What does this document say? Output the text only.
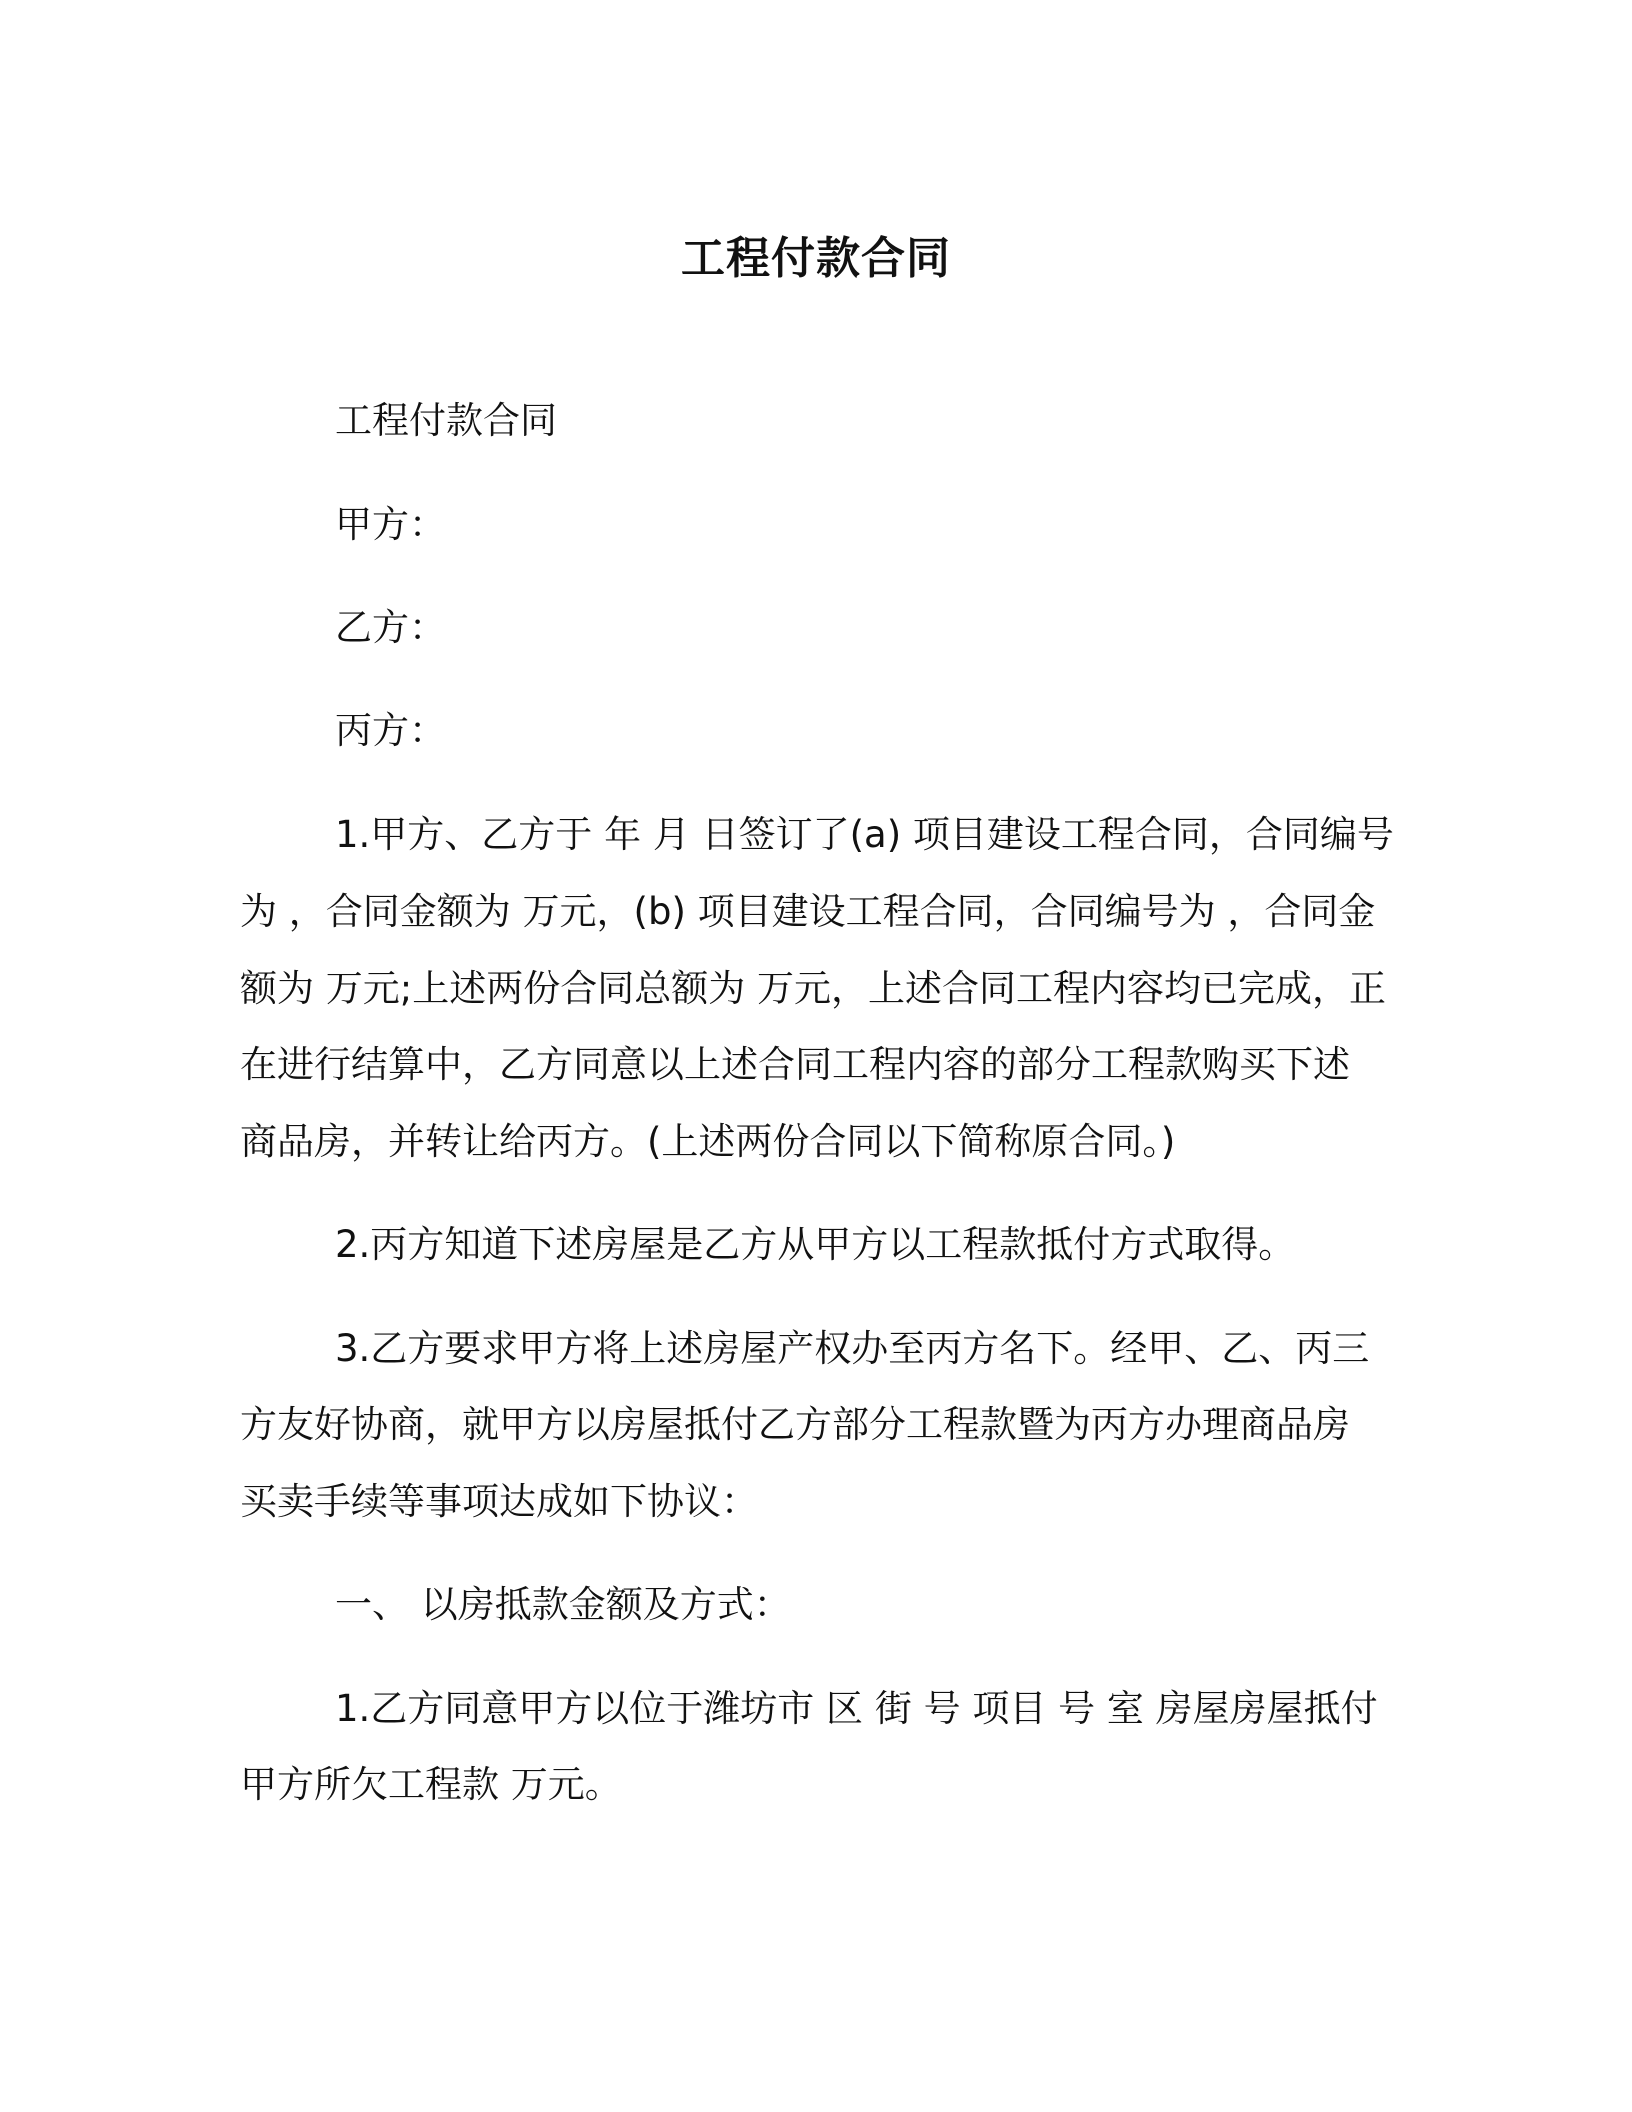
工程付款合同
工程付款合同
甲方：
乙方：
丙方：
1.甲方、乙方于 年 月 日签订了(a) 项目建设工程合同，合同编号
为 ，合同金额为 万元，(b) 项目建设工程合同，合同编号为 ，合同金
额为 万元;上述两份合同总额为 万元，上述合同工程内容均已完成，正
在进行结算中，乙方同意以上述合同工程内容的部分工程款购买下述
商品房，并转让给丙方。(上述两份合同以下简称原合同。)
2.丙方知道下述房屋是乙方从甲方以工程款抵付方式取得。
3.乙方要求甲方将上述房屋产权办至丙方名下。经甲、乙、丙三
方友好协商，就甲方以房屋抵付乙方部分工程款暨为丙方办理商品房
买卖手续等事项达成如下协议：
一、 以房抵款金额及方式：
1.乙方同意甲方以位于潍坊市 区 街 号 项目 号 室 房屋房屋抵付
甲方所欠工程款 万元。
